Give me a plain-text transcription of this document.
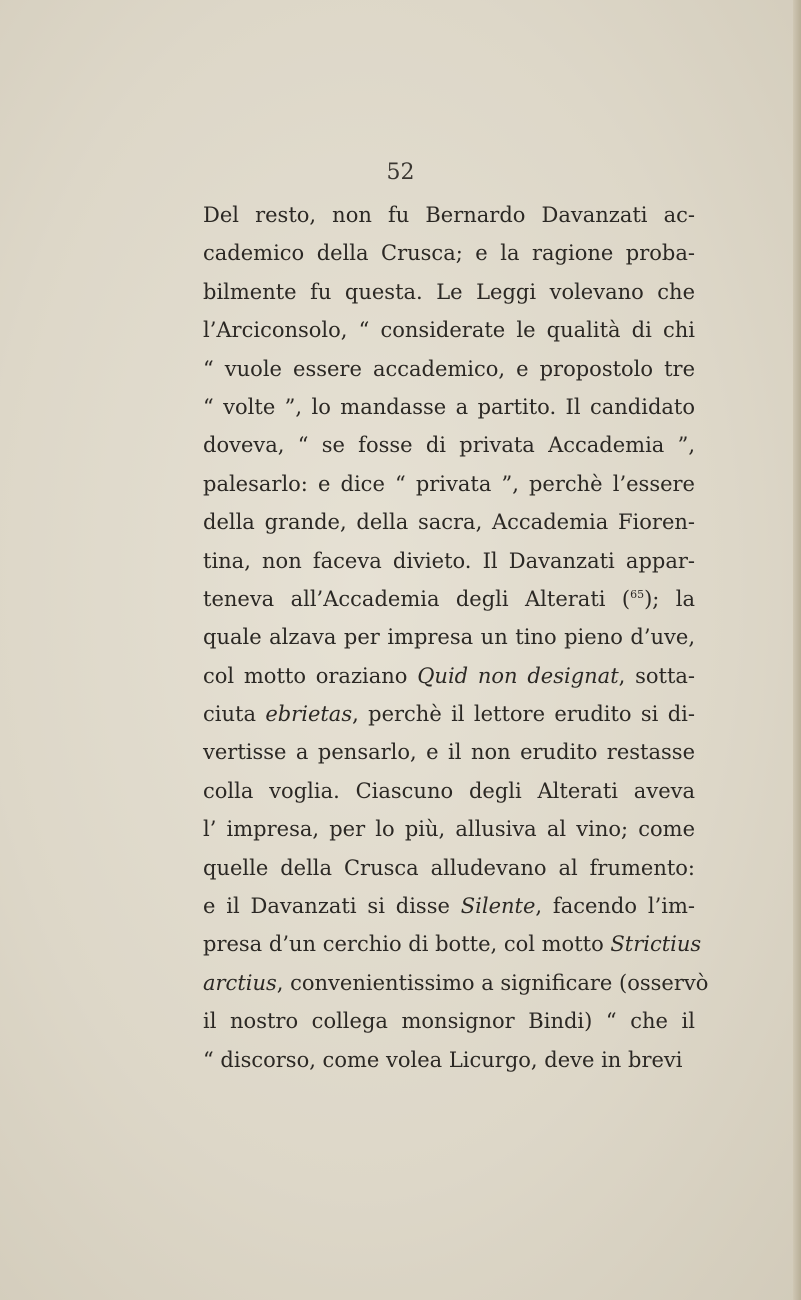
52
Del resto, non fu Bernardo Davanzati ac-
cademico della Crusca; e la ragione proba-
bilmente fu questa. Le Leggi volevano che
l’Arciconsolo, “ considerate le qualità di chi
“ vuole essere accademico, e propostolo tre
“ volte ”, lo mandasse a partito. Il candidato
doveva, “ se fosse di privata Accademia ”,
palesarlo: e dice “ privata ”, perchè l’essere
della grande, della sacra, Accademia Fioren-
tina, non faceva divieto. Il Davanzati appar-
teneva all’Accademia degli Alterati ($^{65}$); la
quale alzava per impresa un tino pieno d’uve,
col motto oraziano Quid non designat, sotta-
ciuta ebrietas, perchè il lettore erudito si di-
vertisse a pensarlo, e il non erudito restasse
colla voglia. Ciascuno degli Alterati aveva
l’ impresa, per lo più, allusiva al vino; come
quelle della Crusca alludevano al frumento:
e il Davanzati si disse Silente, facendo l’im-
presa d’un cerchio di botte, col motto Strictius
arctius, convenientissimo a significare (osservò
il nostro collega monsignor Bindi) “ che il
“ discorso, come volea Licurgo, deve in brevi
